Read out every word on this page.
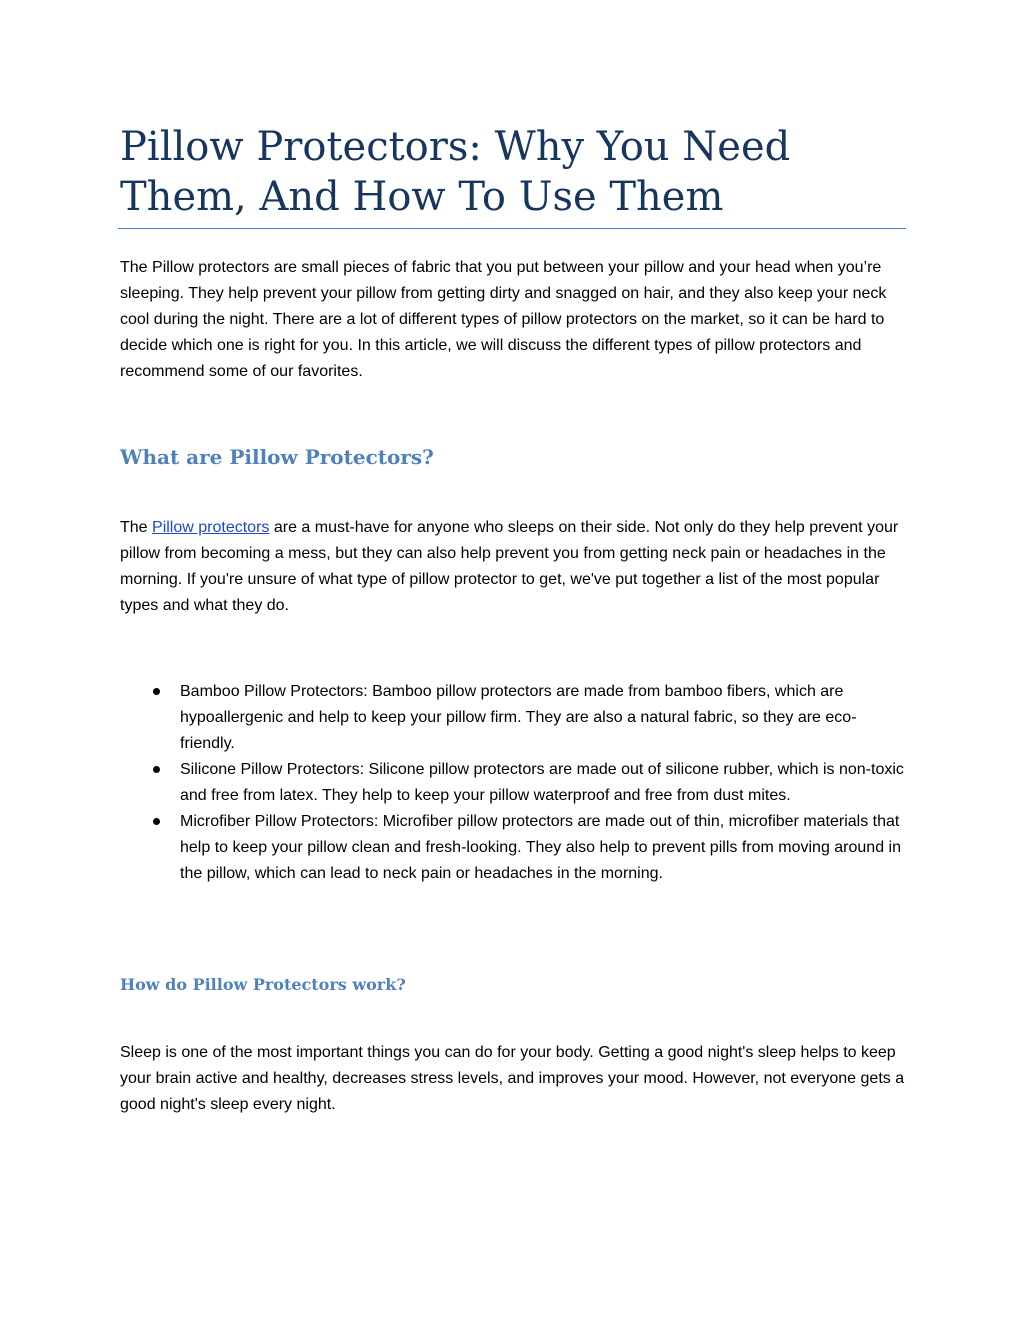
Pillow Protectors: Why You Need Them, And How To Use Them

The Pillow protectors are small pieces of fabric that you put between your pillow and your head when you’re sleeping. They help prevent your pillow from getting dirty and snagged on hair, and they also keep your neck cool during the night. There are a lot of different types of pillow protectors on the market, so it can be hard to decide which one is right for you. In this article, we will discuss the different types of pillow protectors and recommend some of our favorites.

What are Pillow Protectors?

The Pillow protectors are a must-have for anyone who sleeps on their side. Not only do they help prevent your pillow from becoming a mess, but they can also help prevent you from getting neck pain or headaches in the morning. If you're unsure of what type of pillow protector to get, we've put together a list of the most popular types and what they do.

Bamboo Pillow Protectors: Bamboo pillow protectors are made from bamboo fibers, which are hypoallergenic and help to keep your pillow firm. They are also a natural fabric, so they are eco-friendly.
Silicone Pillow Protectors: Silicone pillow protectors are made out of silicone rubber, which is non-toxic and free from latex. They help to keep your pillow waterproof and free from dust mites.
Microfiber Pillow Protectors: Microfiber pillow protectors are made out of thin, microfiber materials that help to keep your pillow clean and fresh-looking. They also help to prevent pills from moving around in the pillow, which can lead to neck pain or headaches in the morning.
How do Pillow Protectors work?

Sleep is one of the most important things you can do for your body. Getting a good night's sleep helps to keep your brain active and healthy, decreases stress levels, and improves your mood. However, not everyone gets a good night's sleep every night.
